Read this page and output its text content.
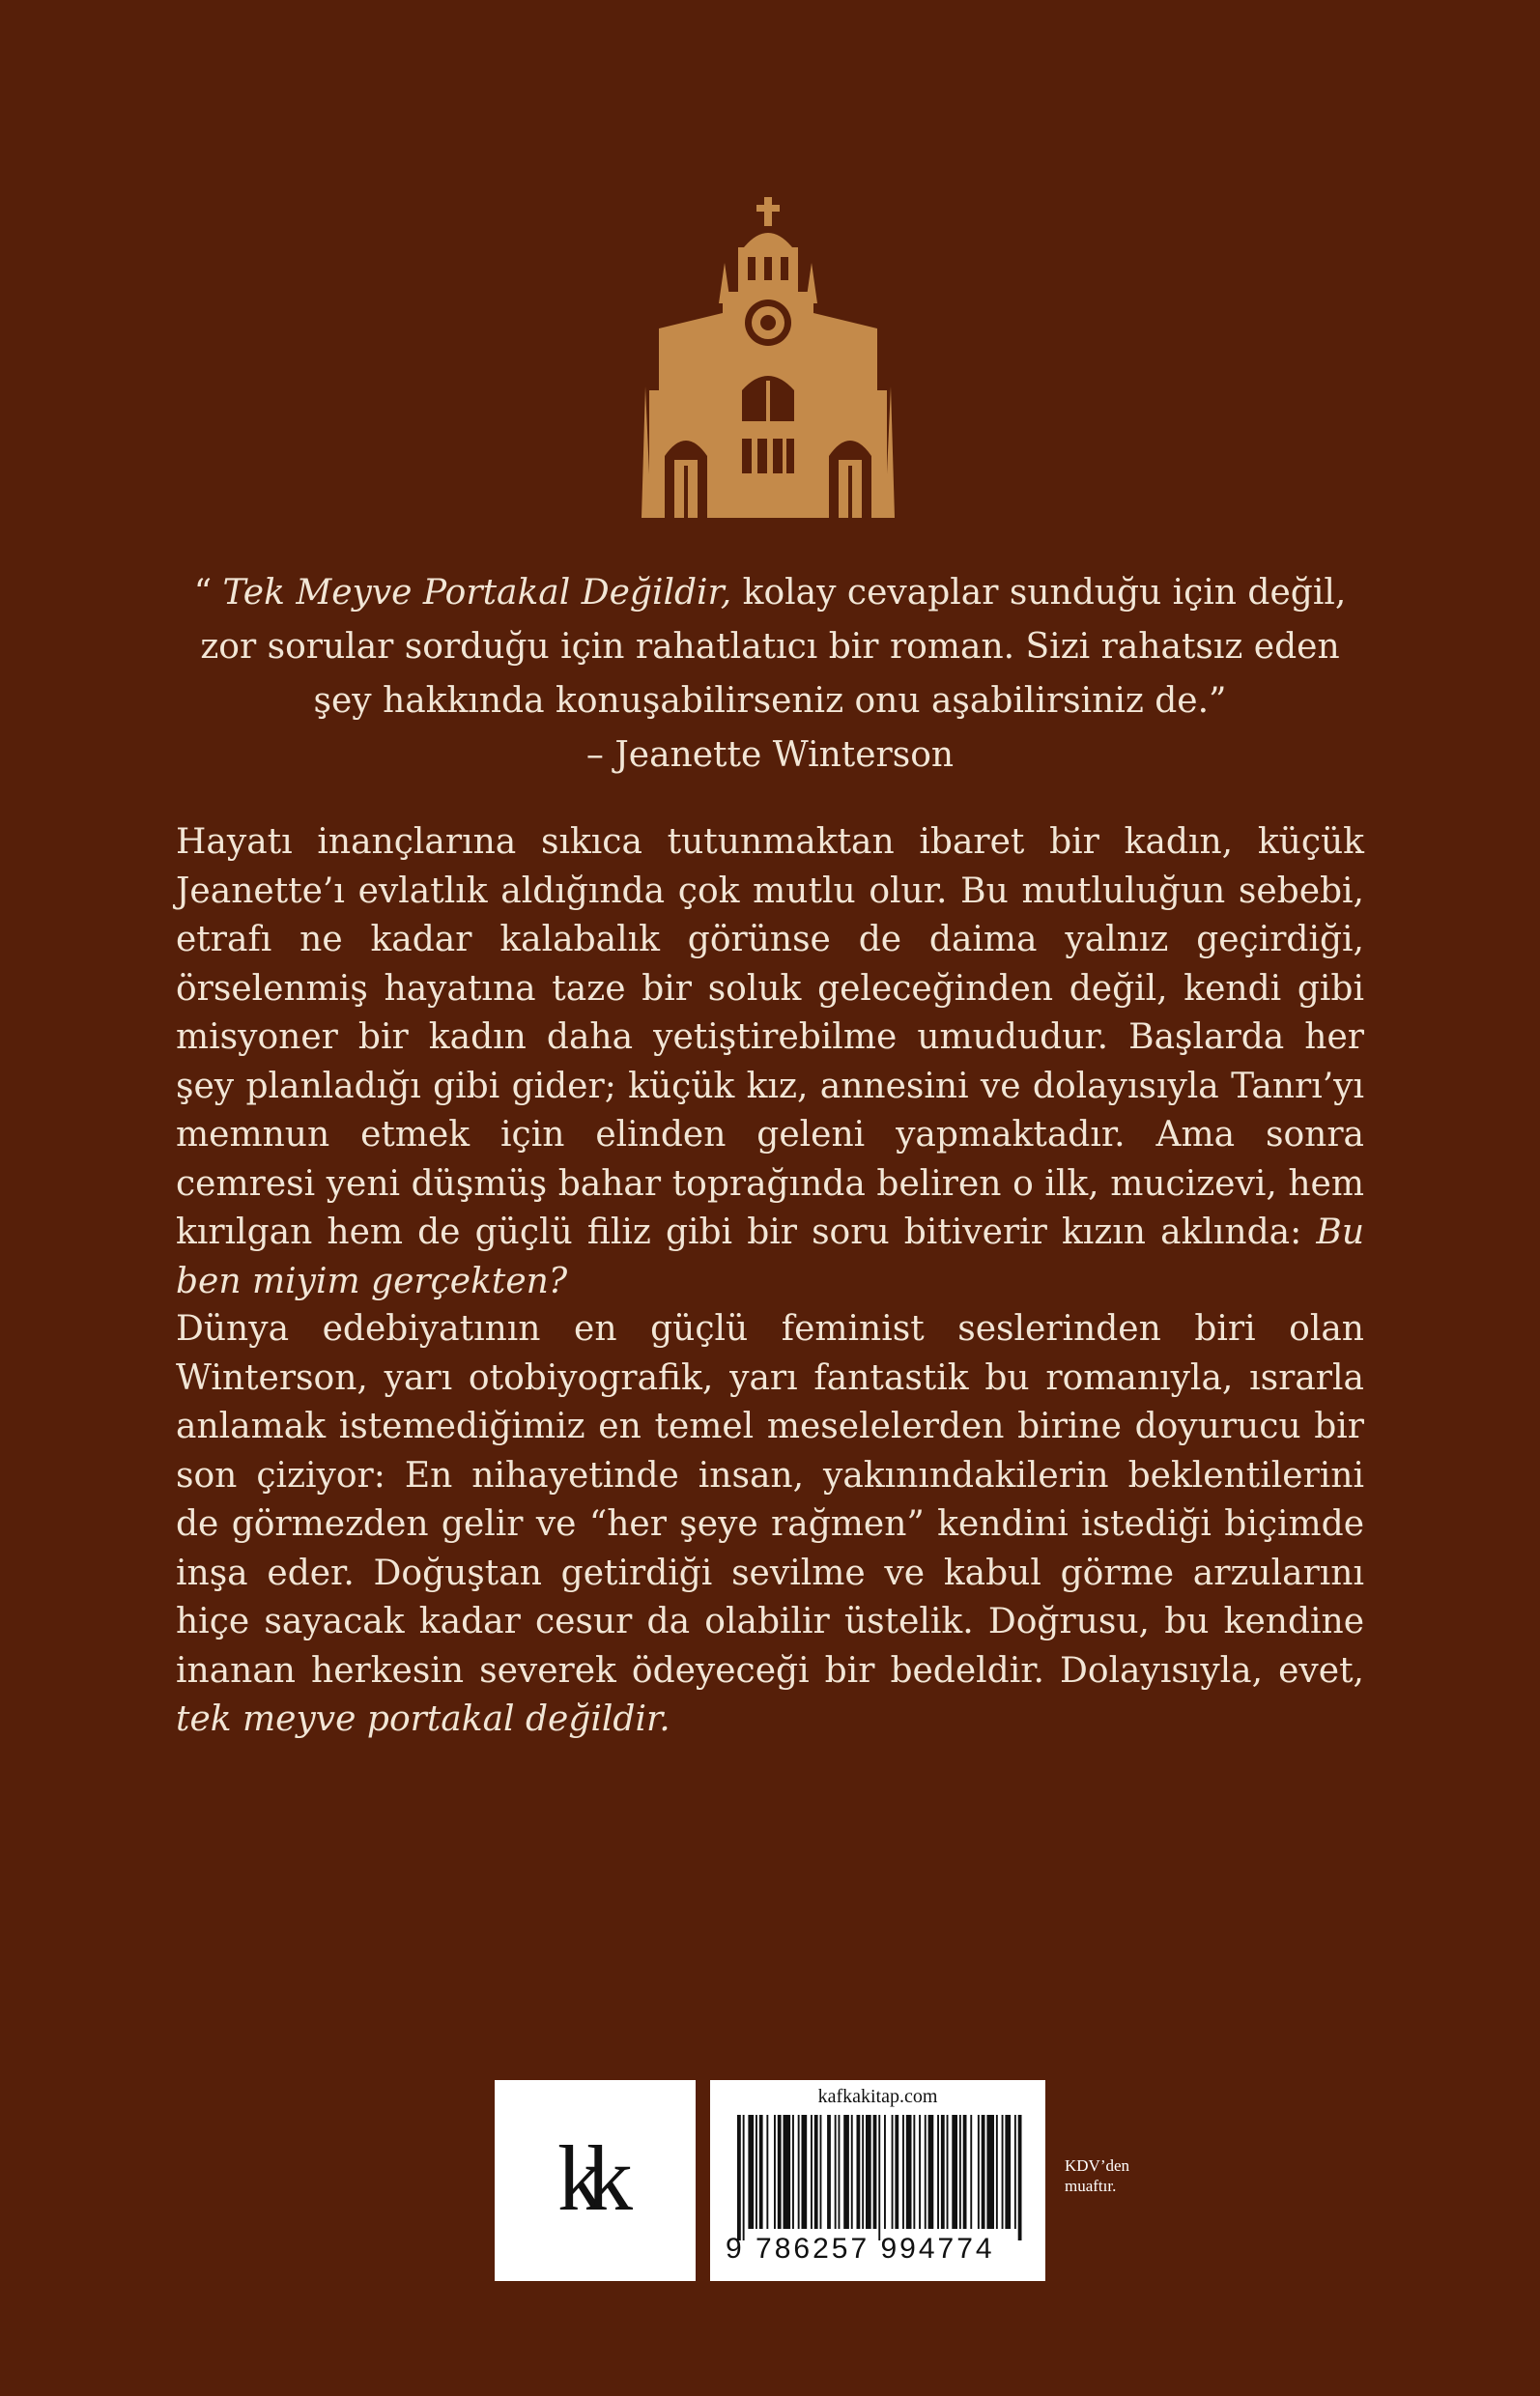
“ Tek Meyve Portakal Değildir, kolay cevaplar sunduğu için değil, zor sorular sorduğu için rahatlatıcı bir roman. Sizi rahatsız eden şey hakkında konuşabilirseniz onu aşabilirsiniz de.”
– Jeanette Winterson
Hayatı inançlarına sıkıca tutunmaktan ibaret bir kadın, küçük Jeanette’ı evlatlık aldığında çok mutlu olur. Bu mutluluğun sebebi, etrafı ne kadar kalabalık görünse de daima yalnız geçirdiği, örselenmiş hayatına taze bir soluk geleceğinden değil, kendi gibi misyoner bir kadın daha yetiştirebilme umududur. Başlarda her şey planladığı gibi gider; küçük kız, annesini ve dolayısıyla Tanrı’yı memnun etmek için elinden geleni yapmaktadır. Ama sonra cemresi yeni düşmüş bahar toprağında beliren o ilk, mucizevi, hem kırılgan hem de güçlü filiz gibi bir soru bitiverir kızın aklında: Bu ben miyim gerçekten?
Dünya edebiyatının en güçlü feminist seslerinden biri olan Winterson, yarı otobiyografik, yarı fantastik bu romanıyla, ısrarla anlamak istemediğimiz en temel meselelerden birine doyurucu bir son çiziyor: En nihayetinde insan, yakınındakilerin beklentilerini de görmezden gelir ve “her şeye rağmen” kendini istediği biçimde inşa eder. Doğuştan getirdiği sevilme ve kabul görme arzularını hiçe sayacak kadar cesur da olabilir üstelik. Doğrusu, bu kendine inanan herkesin severek ödeyeceği bir bedeldir. Dolayısıyla, evet, tek meyve portakal değildir.
kk
kafkakitap.com
9 786257 994774
KDV’den muaftır.
